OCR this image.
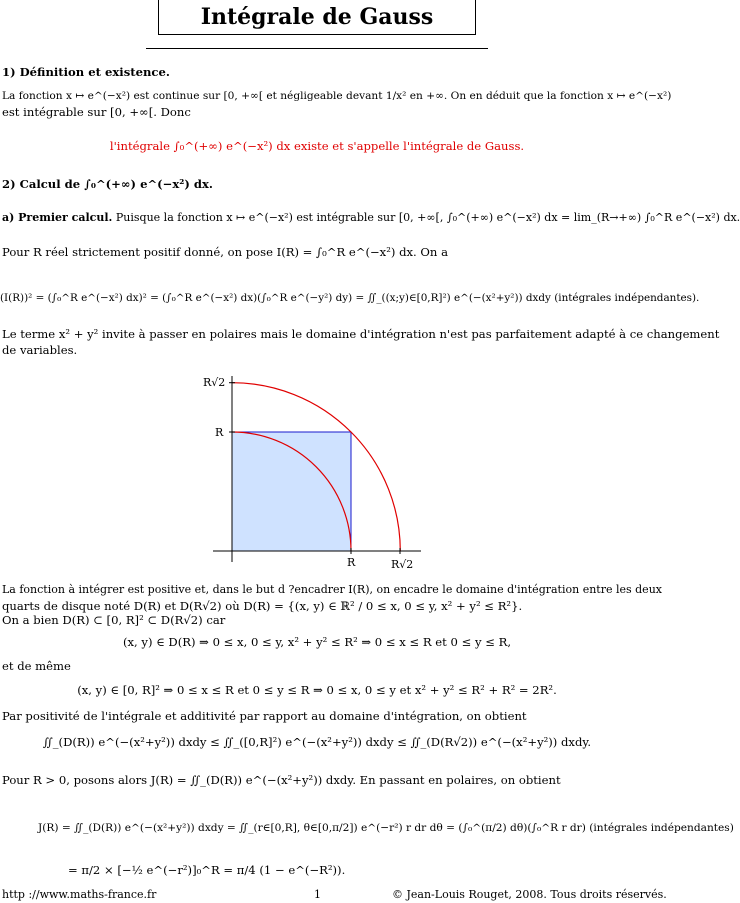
Intégrale de Gauss
1) Définition et existence.
La fonction x ↦ e^(−x²) est continue sur [0, +∞[ et négligeable devant 1/x² en +∞. On en déduit que la fonction x ↦ e^(−x²)
est intégrable sur [0, +∞[. Donc
l'intégrale ∫₀^(+∞) e^(−x²) dx existe et s'appelle l'intégrale de Gauss.
2) Calcul de ∫₀^(+∞) e^(−x²) dx.
a) Premier calcul. Puisque la fonction x ↦ e^(−x²) est intégrable sur [0, +∞[, ∫₀^(+∞) e^(−x²) dx = lim_(R→+∞) ∫₀^R e^(−x²) dx.
Pour R réel strictement positif donné, on pose I(R) = ∫₀^R e^(−x²) dx. On a
(I(R))² = (∫₀^R e^(−x²) dx)² = (∫₀^R e^(−x²) dx)(∫₀^R e^(−y²) dy) = ∬_((x;y)∈[0,R]²) e^(−(x²+y²)) dxdy (intégrales indépendantes).
Le terme x² + y² invite à passer en polaires mais le domaine d'intégration n'est pas parfaitement adapté à ce changement
de variables.
R√2
R
R	R√2
La fonction à intégrer est positive et, dans le but d ?encadrer I(R), on encadre le domaine d'intégration entre les deux
quarts de disque noté D(R) et D(R√2) où D(R) = {(x, y) ∈ ℝ² / 0 ≤ x, 0 ≤ y, x² + y² ≤ R²}.
On a bien D(R) ⊂ [0, R]² ⊂ D(R√2) car
(x, y) ∈ D(R) ⇒ 0 ≤ x, 0 ≤ y, x² + y² ≤ R² ⇒ 0 ≤ x ≤ R et 0 ≤ y ≤ R,
et de même
(x, y) ∈ [0, R]² ⇒ 0 ≤ x ≤ R et 0 ≤ y ≤ R ⇒ 0 ≤ x, 0 ≤ y et x² + y² ≤ R² + R² = 2R².
Par positivité de l'intégrale et additivité par rapport au domaine d'intégration, on obtient
∬_(D(R)) e^(−(x²+y²)) dxdy ≤ ∬_([0,R]²) e^(−(x²+y²)) dxdy ≤ ∬_(D(R√2)) e^(−(x²+y²)) dxdy.
Pour R > 0, posons alors J(R) = ∬_(D(R)) e^(−(x²+y²)) dxdy. En passant en polaires, on obtient
J(R) = ∬_(D(R)) e^(−(x²+y²)) dxdy = ∬_(r∈[0,R], θ∈[0,π/2]) e^(−r²) r dr dθ = (∫₀^(π/2) dθ)(∫₀^R r dr) (intégrales indépendantes)
= π/2 × [−½ e^(−r²)]₀^R = π/4 (1 − e^(−R²)).
http ://www.maths-france.fr	1	© Jean-Louis Rouget, 2008. Tous droits réservés.
